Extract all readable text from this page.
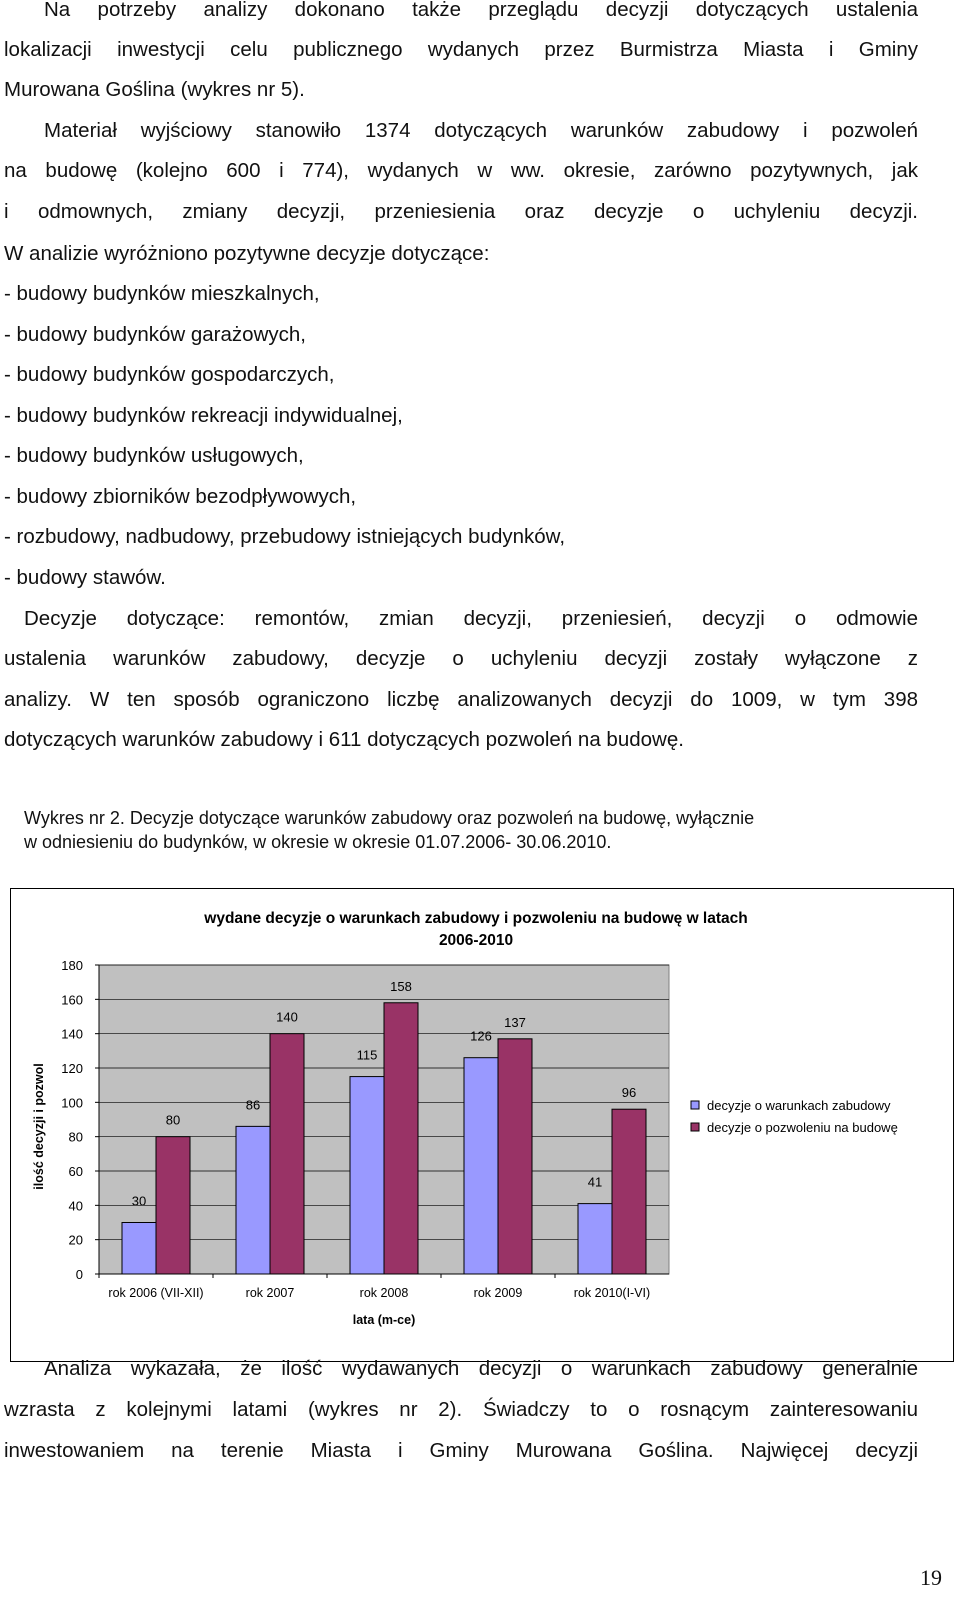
Na potrzeby analizy dokonano także przeglądu decyzji dotyczących ustalenia
lokalizacji inwestycji celu publicznego wydanych przez Burmistrza Miasta i Gminy
Murowana Goślina (wykres nr 5).
Materiał wyjściowy stanowiło 1374 dotyczących warunków zabudowy i pozwoleń
na budowę (kolejno 600 i 774), wydanych w ww. okresie, zarówno pozytywnych, jak
i odmownych, zmiany decyzji, przeniesienia oraz decyzje o uchyleniu decyzji.
W analizie wyróżniono pozytywne decyzje dotyczące:
- budowy budynków mieszkalnych,
- budowy budynków garażowych,
- budowy budynków gospodarczych,
- budowy budynków rekreacji indywidualnej,
- budowy budynków usługowych,
- budowy zbiorników bezodpływowych,
- rozbudowy, nadbudowy, przebudowy istniejących budynków,
- budowy stawów.
Decyzje dotyczące: remontów, zmian decyzji, przeniesień, decyzji o odmowie
ustalenia warunków zabudowy, decyzje o uchyleniu decyzji zostały wyłączone z
analizy. W ten sposób ograniczono liczbę analizowanych decyzji do 1009, w tym 398
dotyczących warunków zabudowy i 611 dotyczących pozwoleń na budowę.
Wykres nr 2. Decyzje dotyczące warunków zabudowy oraz pozwoleń na budowę, wyłącznie
w odniesieniu do budynków, w okresie w okresie 01.07.2006- 30.06.2010.
wydane decyzje o warunkach zabudowy i pozwoleniu na budowę w latach
2006-2010
0
20
40
60
80
100
120
140
160
180
30
80
rok 2006 (VII-XII)
86
140
rok 2007
115
158
rok 2008
126
137
rok 2009
41
96
rok 2010(I-VI)
lata (m-ce)
ilość decyzji i pozwol	decyzje o warunkach zabudowy
decyzje o pozwoleniu na budowę
Analiza wykazała, że ilość wydawanych decyzji o warunkach zabudowy generalnie
wzrasta z kolejnymi latami (wykres nr 2). Świadczy to o rosnącym zainteresowaniu
inwestowaniem na terenie Miasta i Gminy Murowana Goślina. Najwięcej decyzji
19
